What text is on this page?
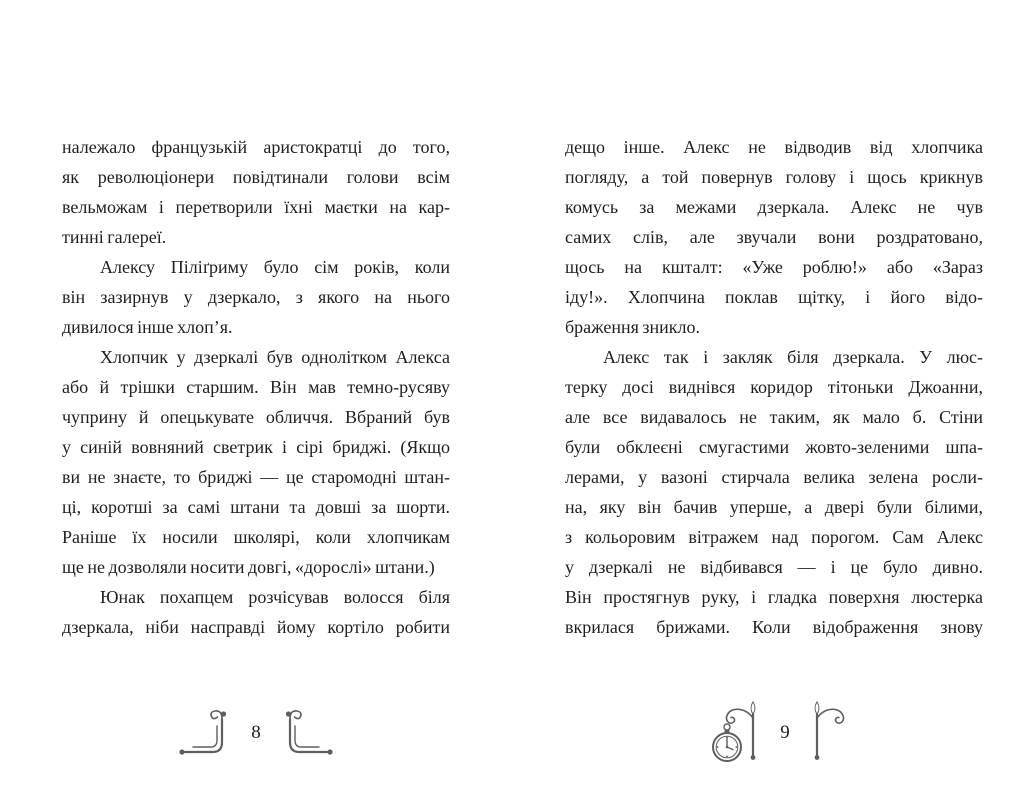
належало французькій аристократці до того,
як революціонери повідтинали голови всім
вельможам і перетворили їхні маєтки на кар-
тинні галереї.
Алексу Піліґриму було сім років, коли
він зазирнув у дзеркало, з якого на нього
дивилося інше хлоп’я.
Хлопчик у дзеркалі був однолітком Алекса
або й трішки старшим. Він мав темно-русяву
чуприну й опецькувате обличчя. Вбраний був
у синій вовняний светрик і сірі бриджі. (Якщо
ви не знаєте, то бриджі — це старомодні штан-
ці, коротші за самі штани та довші за шорти.
Раніше їх носили школярі, коли хлопчикам
ще не дозволяли носити довгі, «дорослі» штани.)
Юнак похапцем розчісував волосся біля
дзеркала, ніби насправді йому кортіло робити
8
дещо інше. Алекс не відводив від хлопчика
погляду, а той повернув голову і щось крикнув
комусь за межами дзеркала. Алекс не чув
самих слів, але звучали вони роздратовано,
щось на кшталт: «Уже роблю!» або «Зараз
іду!». Хлопчина поклав щітку, і його відо-
браження зникло.
Алекс так і закляк біля дзеркала. У люс-
терку досі виднівся коридор тітоньки Джоанни,
але все видавалось не таким, як мало б. Стіни
були обклеєні смугастими жовто-зеленими шпа-
лерами, у вазоні стирчала велика зелена росли-
на, яку він бачив уперше, а двері були білими,
з кольоровим вітражем над порогом. Сам Алекс
у дзеркалі не відбивався — і це було дивно.
Він простягнув руку, і гладка поверхня люстерка
вкрилася брижами. Коли відображення знову
9
